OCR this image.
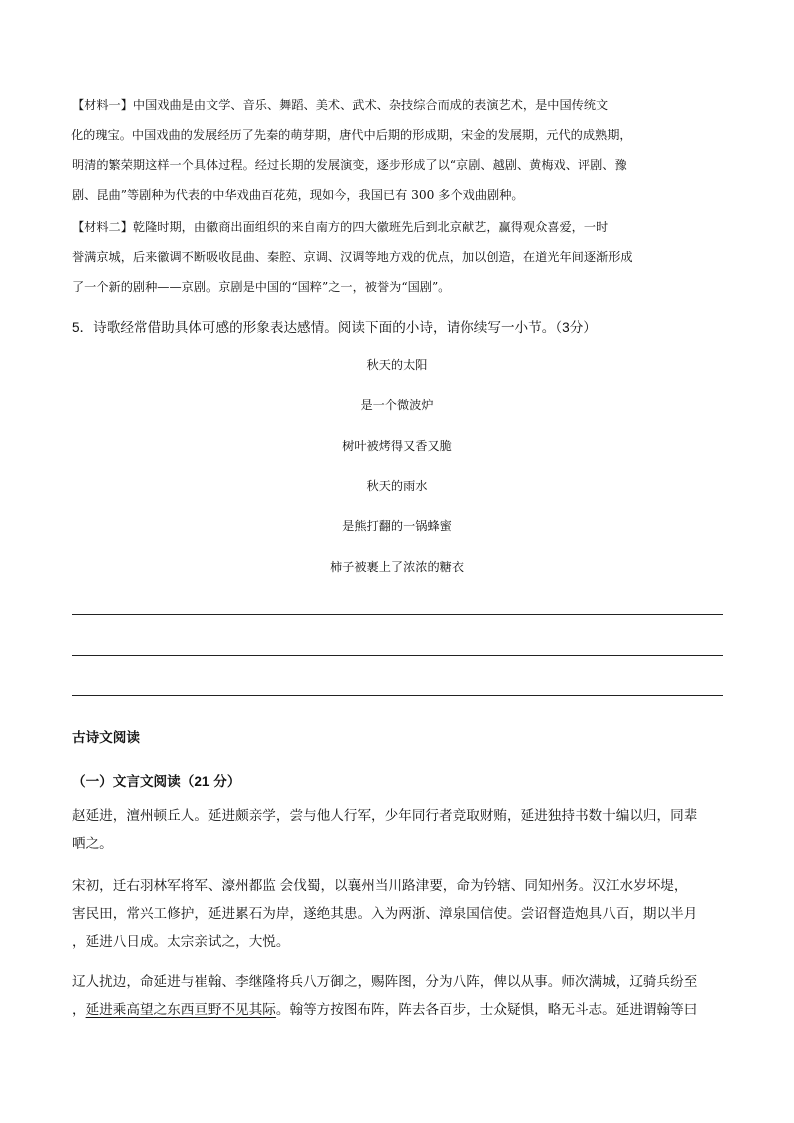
【材料一】中国戏曲是由文学、音乐、舞蹈、美术、武术、杂技综合而成的表演艺术，是中国传统文
化的瑰宝。中国戏曲的发展经历了先秦的萌芽期，唐代中后期的形成期，宋金的发展期，元代的成熟期，
明清的繁荣期这样一个具体过程。经过长期的发展演变，逐步形成了以“京剧、越剧、黄梅戏、评剧、豫
剧、昆曲”等剧种为代表的中华戏曲百花苑，现如今，我国已有 300 多个戏曲剧种。
【材料二】乾隆时期，由徽商出面组织的来自南方的四大徽班先后到北京献艺，赢得观众喜爱，一时
誉满京城，后来徽调不断吸收昆曲、秦腔、京调、汉调等地方戏的优点，加以创造，在道光年间逐渐形成
了一个新的剧种——京剧。京剧是中国的“国粹”之一，被誉为“国剧”。
5．诗歌经常借助具体可感的形象表达感情。阅读下面的小诗，请你续写一小节。（3分）
秋天的太阳
是一个微波炉
树叶被烤得又香又脆
秋天的雨水
是熊打翻的一锅蜂蜜
柿子被裹上了浓浓的糖衣
古诗文阅读
（一）文言文阅读（21 分）
赵延进，澶州顿丘人。延进颇亲学，尝与他人行军，少年同行者竞取财贿，延进独持书数十编以归，同辈
哂之。
宋初，迁右羽林军将军、濠州都监 会伐蜀，以襄州当川路津要，命为钤辖、同知州务。汉江水岁坏堤，
害民田，常兴工修护，延进累石为岸，遂绝其患。入为两浙、漳泉国信使。尝诏督造炮具八百，期以半月
，延进八日成。太宗亲试之，大悦。
辽人扰边，命延进与崔翰、李继隆将兵八万御之，赐阵图，分为八阵，俾以从事。师次满城，辽骑兵纷至
，延进乘高望之东西亘野不见其际。翰等方按图布阵，阵去各百步，士众疑惧，略无斗志。延进谓翰等曰
